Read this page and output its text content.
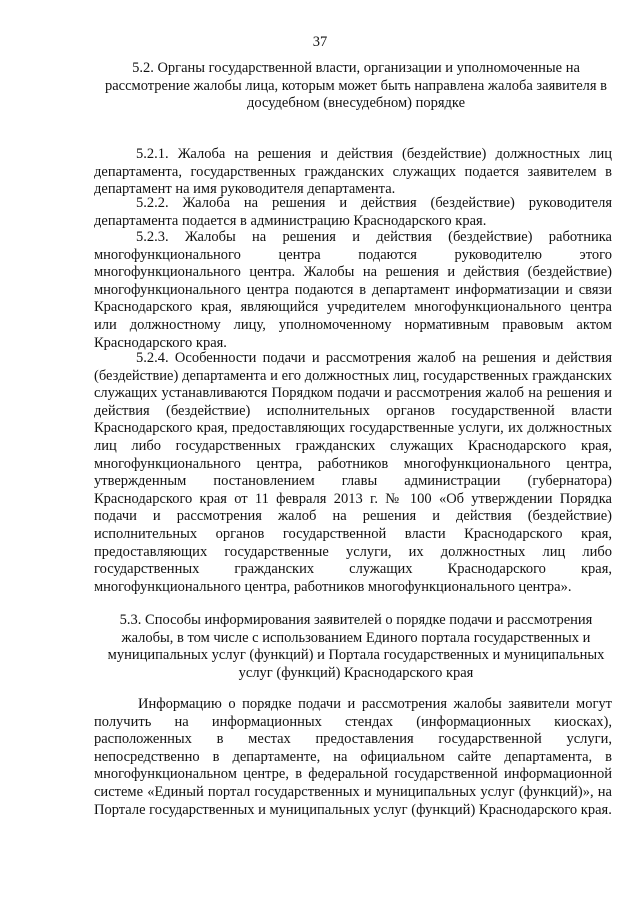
37
5.2. Органы государственной власти, организации и уполномоченные на рассмотрение жалобы лица, которым может быть направлена жалоба заявителя в досудебном (внесудебном) порядке
5.2.1. Жалоба на решения и действия (бездействие) должностных лиц департамента, государственных гражданских служащих подается заявителем в департамент на имя руководителя департамента.
5.2.2. Жалоба на решения и действия (бездействие) руководителя департамента подается в администрацию Краснодарского края.
5.2.3. Жалобы на решения и действия (бездействие) работника многофункционального центра подаются руководителю этого многофункционального центра. Жалобы на решения и действия (бездействие) многофункционального центра подаются в департамент информатизации и связи Краснодарского края, являющийся учредителем многофункционального центра или должностному лицу, уполномоченному нормативным правовым актом Краснодарского края.
5.2.4. Особенности подачи и рассмотрения жалоб на решения и действия (бездействие) департамента и его должностных лиц, государственных гражданских служащих устанавливаются Порядком подачи и рассмотрения жалоб на решения и действия (бездействие) исполнительных органов государственной власти Краснодарского края, предоставляющих государственные услуги, их должностных лиц либо государственных гражданских служащих Краснодарского края, многофункционального центра, работников многофункционального центра, утвержденным постановлением главы администрации (губернатора) Краснодарского края от 11 февраля 2013 г. № 100 «Об утверждении Порядка подачи и рассмотрения жалоб на решения и действия (бездействие) исполнительных органов государственной власти Краснодарского края, предоставляющих государственные услуги, их должностных лиц либо государственных гражданских служащих Краснодарского края, многофункционального центра, работников многофункционального центра».
5.3. Способы информирования заявителей о порядке подачи и рассмотрения жалобы, в том числе с использованием Единого портала государственных и муниципальных услуг (функций) и Портала государственных и муниципальных услуг (функций) Краснодарского края
Информацию о порядке подачи и рассмотрения жалобы заявители могут получить на информационных стендах (информационных киосках), расположенных в местах предоставления государственной услуги, непосредственно в департаменте, на официальном сайте департамента, в многофункциональном центре, в федеральной государственной информационной системе «Единый портал государственных и муниципальных услуг (функций)», на Портале государственных и муниципальных услуг (функций) Краснодарского края.
